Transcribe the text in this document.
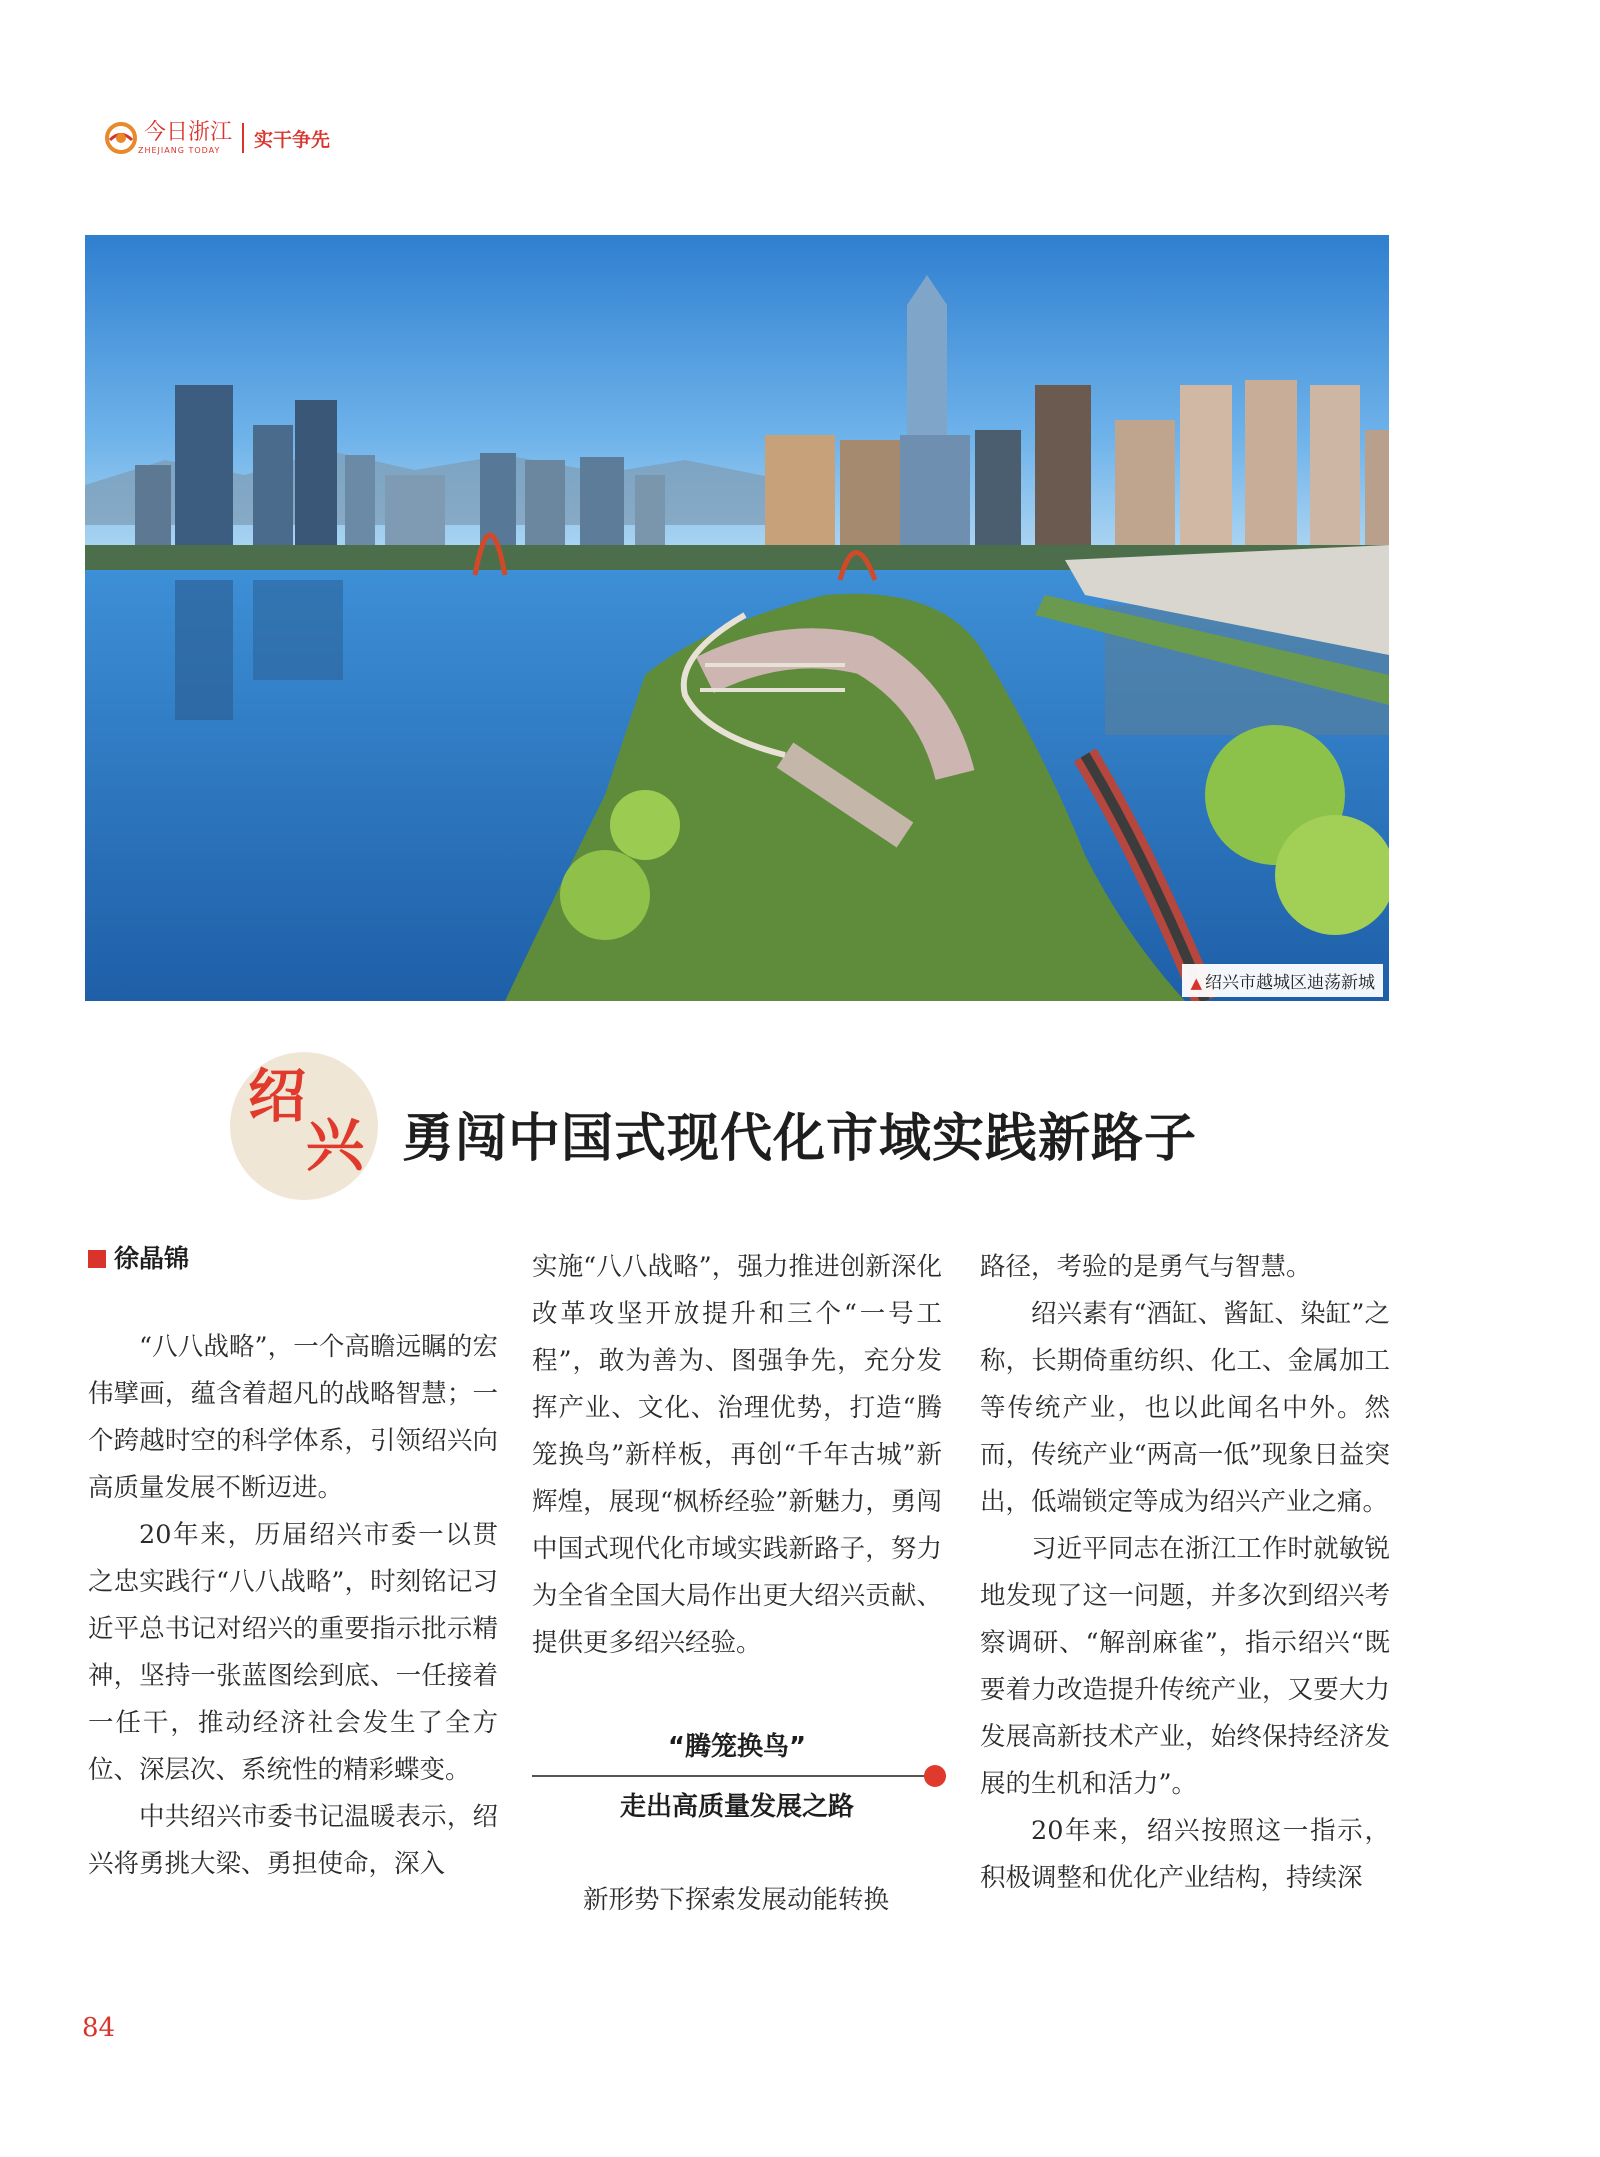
今日浙江
ZHEJIANG TODAY	实干争先
▲ 绍兴市越城区迪荡新城
绍
兴 勇闯中国式现代化市域实践新路子

徐晶锦

“八八战略”，一个高瞻远瞩的宏伟擘画，蕴含着超凡的战略智慧；一个跨越时空的科学体系，引领绍兴向高质量发展不断迈进。

20年来，历届绍兴市委一以贯之忠实践行“八八战略”，时刻铭记习近平总书记对绍兴的重要指示批示精神，坚持一张蓝图绘到底、一任接着一任干，推动经济社会发生了全方位、深层次、系统性的精彩蝶变。

中共绍兴市委书记温暖表示，绍兴将勇挑大梁、勇担使命，深入

实施“八八战略”，强力推进创新深化改革攻坚开放提升和三个“一号工程”，敢为善为、图强争先，充分发挥产业、文化、治理优势，打造“腾笼换鸟”新样板，再创“千年古城”新辉煌，展现“枫桥经验”新魅力，勇闯中国式现代化市域实践新路子，努力为全省全国大局作出更大绍兴贡献、提供更多绍兴经验。

“腾笼换鸟”
走出高质量发展之路

新形势下探索发展动能转换

路径，考验的是勇气与智慧。

绍兴素有“酒缸、酱缸、染缸”之称，长期倚重纺织、化工、金属加工等传统产业，也以此闻名中外。然而，传统产业“两高一低”现象日益突出，低端锁定等成为绍兴产业之痛。

习近平同志在浙江工作时就敏锐地发现了这一问题，并多次到绍兴考察调研、“解剖麻雀”，指示绍兴“既要着力改造提升传统产业，又要大力发展高新技术产业，始终保持经济发展的生机和活力”。

20年来，绍兴按照这一指示，积极调整和优化产业结构，持续深

84
